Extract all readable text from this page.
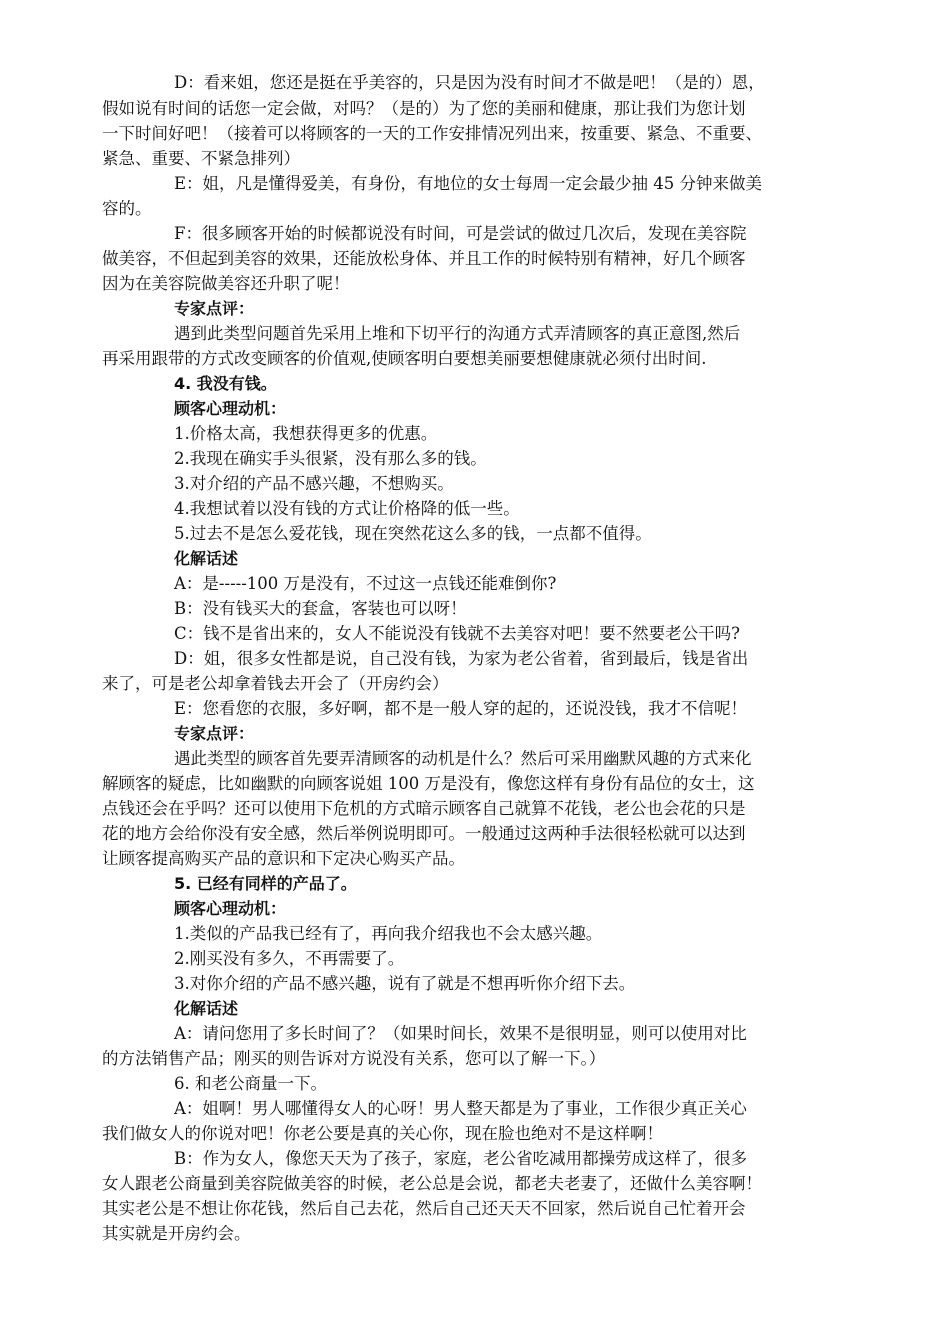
D：看来姐，您还是挺在乎美容的，只是因为没有时间才不做是吧！（是的）恩，
假如说有时间的话您一定会做，对吗？（是的）为了您的美丽和健康，那让我们为您计划
一下时间好吧！（接着可以将顾客的一天的工作安排情况列出来，按重要、紧急、不重要、
紧急、重要、不紧急排列）
E：姐，凡是懂得爱美，有身份，有地位的女士每周一定会最少抽 45 分钟来做美
容的。
F：很多顾客开始的时候都说没有时间，可是尝试的做过几次后，发现在美容院
做美容，不但起到美容的效果，还能放松身体、并且工作的时候特别有精神，好几个顾客
因为在美容院做美容还升职了呢！
专家点评：
遇到此类型问题首先采用上堆和下切平行的沟通方式弄清顾客的真正意图,然后
再采用跟带的方式改变顾客的价值观,使顾客明白要想美丽要想健康就必须付出时间.
4. 我没有钱。
顾客心理动机：
1.价格太高，我想获得更多的优惠。
2.我现在确实手头很紧，没有那么多的钱。
3.对介绍的产品不感兴趣，不想购买。
4.我想试着以没有钱的方式让价格降的低一些。
5.过去不是怎么爱花钱，现在突然花这么多的钱，一点都不值得。
化解话述
A：是-----100 万是没有，不过这一点钱还能难倒你?
B：没有钱买大的套盒，客装也可以呀！
C：钱不是省出来的，女人不能说没有钱就不去美容对吧！要不然要老公干吗?
D：姐，很多女性都是说，自己没有钱，为家为老公省着，省到最后，钱是省出
来了，可是老公却拿着钱去开会了（开房约会）
E：您看您的衣服，多好啊，都不是一般人穿的起的，还说没钱，我才不信呢！
专家点评：
遇此类型的顾客首先要弄清顾客的动机是什么？然后可采用幽默风趣的方式来化
解顾客的疑虑，比如幽默的向顾客说姐 100 万是没有，像您这样有身份有品位的女士，这
点钱还会在乎吗？还可以使用下危机的方式暗示顾客自己就算不花钱，老公也会花的只是
花的地方会给你没有安全感，然后举例说明即可。一般通过这两种手法很轻松就可以达到
让顾客提高购买产品的意识和下定决心购买产品。
5. 已经有同样的产品了。
顾客心理动机：
1.类似的产品我已经有了，再向我介绍我也不会太感兴趣。
2.刚买没有多久，不再需要了。
3.对你介绍的产品不感兴趣，说有了就是不想再听你介绍下去。
化解话述
A：请问您用了多长时间了？（如果时间长，效果不是很明显，则可以使用对比
的方法销售产品；刚买的则告诉对方说没有关系，您可以了解一下。）
6. 和老公商量一下。
A：姐啊！男人哪懂得女人的心呀！男人整天都是为了事业，工作很少真正关心
我们做女人的你说对吧！你老公要是真的关心你，现在脸也绝对不是这样啊！
B：作为女人，像您天天为了孩子，家庭，老公省吃减用都操劳成这样了，很多
女人跟老公商量到美容院做美容的时候，老公总是会说，都老夫老妻了，还做什么美容啊！
其实老公是不想让你花钱，然后自己去花，然后自己还天天不回家，然后说自己忙着开会
其实就是开房约会。
